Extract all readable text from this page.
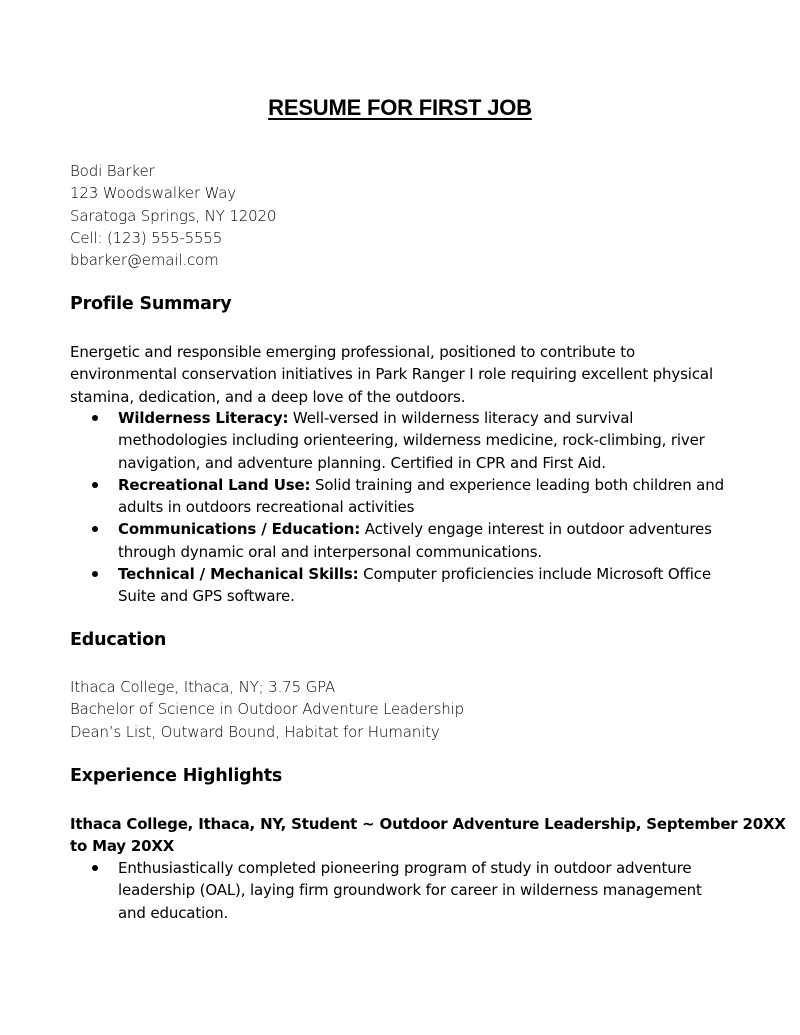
RESUME FOR FIRST JOB
Bodi Barker
123 Woodswalker Way
Saratoga Springs, NY 12020
Cell: (123) 555-5555
bbarker@email.com
Profile Summary
Energetic and responsible emerging professional, positioned to contribute to
environmental conservation initiatives in Park Ranger I role requiring excellent physical
stamina, dedication, and a deep love of the outdoors.
Wilderness Literacy: Well-versed in wilderness literacy and survival
methodologies including orienteering, wilderness medicine, rock-climbing, river
navigation, and adventure planning. Certified in CPR and First Aid.
Recreational Land Use: Solid training and experience leading both children and
adults in outdoors recreational activities
Communications / Education: Actively engage interest in outdoor adventures
through dynamic oral and interpersonal communications.
Technical / Mechanical Skills: Computer proficiencies include Microsoft Office
Suite and GPS software.
Education
Ithaca College, Ithaca, NY; 3.75 GPA
Bachelor of Science in Outdoor Adventure Leadership
Dean’s List, Outward Bound, Habitat for Humanity
Experience Highlights
Ithaca College, Ithaca, NY, Student ~ Outdoor Adventure Leadership, September 20XX
to May 20XX
Enthusiastically completed pioneering program of study in outdoor adventure
leadership (OAL), laying firm groundwork for career in wilderness management
and education.
